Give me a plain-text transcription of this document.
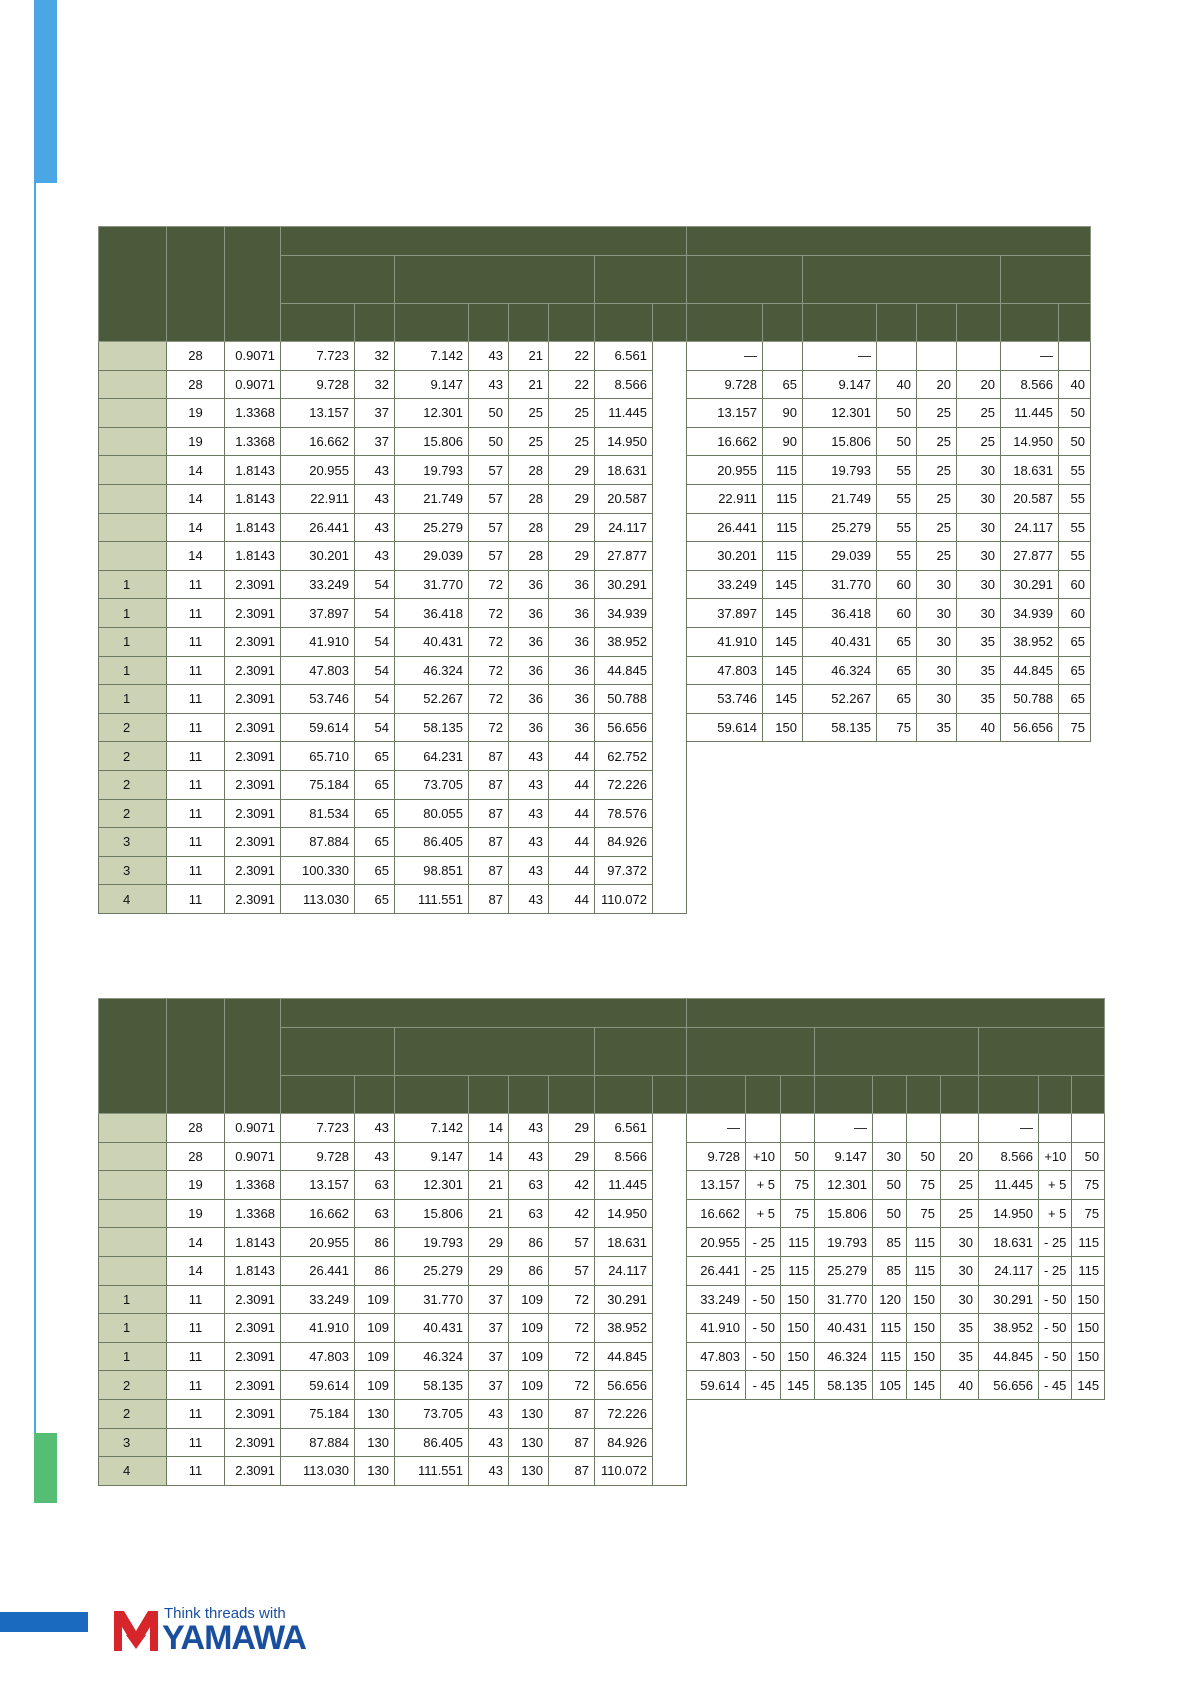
	28	0.9071	7.723	32	7.142	43	21	22	6.561		—		—				—	
	28	0.9071	9.728	32	9.147	43	21	22	8.566		9.728	65	9.147	40	20	20	8.566	40
	19	1.3368	13.157	37	12.301	50	25	25	11.445		13.157	90	12.301	50	25	25	11.445	50
	19	1.3368	16.662	37	15.806	50	25	25	14.950		16.662	90	15.806	50	25	25	14.950	50
	14	1.8143	20.955	43	19.793	57	28	29	18.631		20.955	115	19.793	55	25	30	18.631	55
	14	1.8143	22.911	43	21.749	57	28	29	20.587		22.911	115	21.749	55	25	30	20.587	55
	14	1.8143	26.441	43	25.279	57	28	29	24.117		26.441	115	25.279	55	25	30	24.117	55
	14	1.8143	30.201	43	29.039	57	28	29	27.877		30.201	115	29.039	55	25	30	27.877	55
1	11	2.3091	33.249	54	31.770	72	36	36	30.291		33.249	145	31.770	60	30	30	30.291	60
1	11	2.3091	37.897	54	36.418	72	36	36	34.939		37.897	145	36.418	60	30	30	34.939	60
1	11	2.3091	41.910	54	40.431	72	36	36	38.952		41.910	145	40.431	65	30	35	38.952	65
1	11	2.3091	47.803	54	46.324	72	36	36	44.845		47.803	145	46.324	65	30	35	44.845	65
1	11	2.3091	53.746	54	52.267	72	36	36	50.788		53.746	145	52.267	65	30	35	50.788	65
2	11	2.3091	59.614	54	58.135	72	36	36	56.656		59.614	150	58.135	75	35	40	56.656	75
2	11	2.3091	65.710	65	64.231	87	43	44	62.752									
2	11	2.3091	75.184	65	73.705	87	43	44	72.226									
2	11	2.3091	81.534	65	80.055	87	43	44	78.576									
3	11	2.3091	87.884	65	86.405	87	43	44	84.926									
3	11	2.3091	100.330	65	98.851	87	43	44	97.372									
4	11	2.3091	113.030	65	111.551	87	43	44	110.072									

	28	0.9071	7.723	43	7.142	14	43	29	6.561		—			—				—		
	28	0.9071	9.728	43	9.147	14	43	29	8.566		9.728	+10	50	9.147	30	50	20	8.566	+10	50
	19	1.3368	13.157	63	12.301	21	63	42	11.445		13.157	+ 5	75	12.301	50	75	25	11.445	+ 5	75
	19	1.3368	16.662	63	15.806	21	63	42	14.950		16.662	+ 5	75	15.806	50	75	25	14.950	+ 5	75
	14	1.8143	20.955	86	19.793	29	86	57	18.631		20.955	- 25	115	19.793	85	115	30	18.631	- 25	115
	14	1.8143	26.441	86	25.279	29	86	57	24.117		26.441	- 25	115	25.279	85	115	30	24.117	- 25	115
1	11	2.3091	33.249	109	31.770	37	109	72	30.291		33.249	- 50	150	31.770	120	150	30	30.291	- 50	150
1	11	2.3091	41.910	109	40.431	37	109	72	38.952		41.910	- 50	150	40.431	115	150	35	38.952	- 50	150
1	11	2.3091	47.803	109	46.324	37	109	72	44.845		47.803	- 50	150	46.324	115	150	35	44.845	- 50	150
2	11	2.3091	59.614	109	58.135	37	109	72	56.656		59.614	- 45	145	58.135	105	145	40	56.656	- 45	145
2	11	2.3091	75.184	130	73.705	43	130	87	72.226											
3	11	2.3091	87.884	130	86.405	43	130	87	84.926											
4	11	2.3091	113.030	130	111.551	43	130	87	110.072											
Think threads with
YAMAWA
